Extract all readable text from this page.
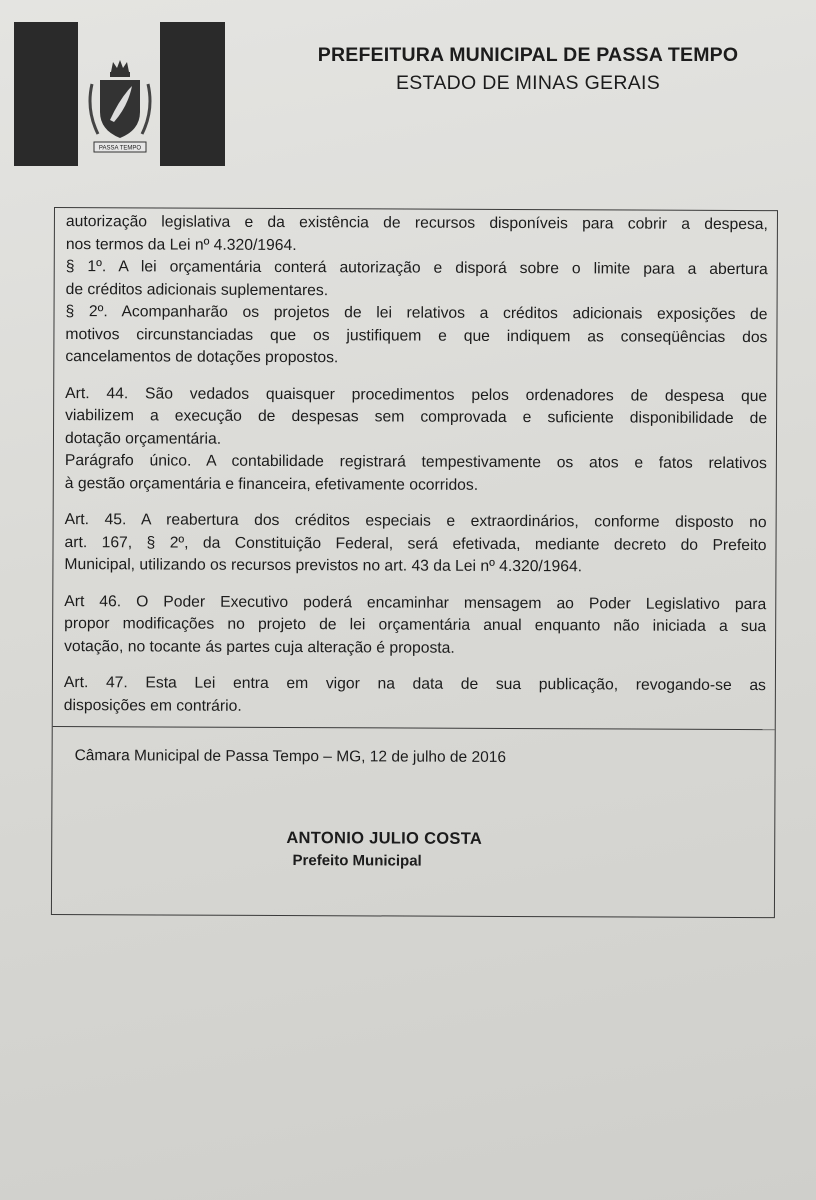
PASSA TEMPO
PREFEITURA MUNICIPAL DE PASSA TEMPO
ESTADO DE MINAS GERAIS

autorização legislativa e da existência de recursos disponíveis para cobrir a despesa,
nos termos da Lei nº 4.320/1964.
§ 1º. A lei orçamentária conterá autorização e disporá sobre o limite para a abertura
de créditos adicionais suplementares.
§ 2º. Acompanharão os projetos de lei relativos a créditos adicionais exposições de
motivos circunstanciadas que os justifiquem e que indiquem as conseqüências dos
cancelamentos de dotações propostos.

Art. 44. São vedados quaisquer procedimentos pelos ordenadores de despesa que
viabilizem a execução de despesas sem comprovada e suficiente disponibilidade de
dotação orçamentária.
Parágrafo único. A contabilidade registrará tempestivamente os atos e fatos relativos
à gestão orçamentária e financeira, efetivamente ocorridos.

Art. 45. A reabertura dos créditos especiais e extraordinários, conforme disposto no
art. 167, § 2º, da Constituição Federal, será efetivada, mediante decreto do Prefeito
Municipal, utilizando os recursos previstos no art. 43 da Lei nº 4.320/1964.

Art 46. O Poder Executivo poderá encaminhar mensagem ao Poder Legislativo para
propor modificações no projeto de lei orçamentária anual enquanto não iniciada a sua
votação, no tocante ás partes cuja alteração é proposta.

Art. 47. Esta Lei entra em vigor na data de sua publicação, revogando-se as
disposições em contrário.

Câmara Municipal de Passa Tempo – MG, 12 de julho de 2016
ANTONIO JULIO COSTA
Prefeito Municipal
